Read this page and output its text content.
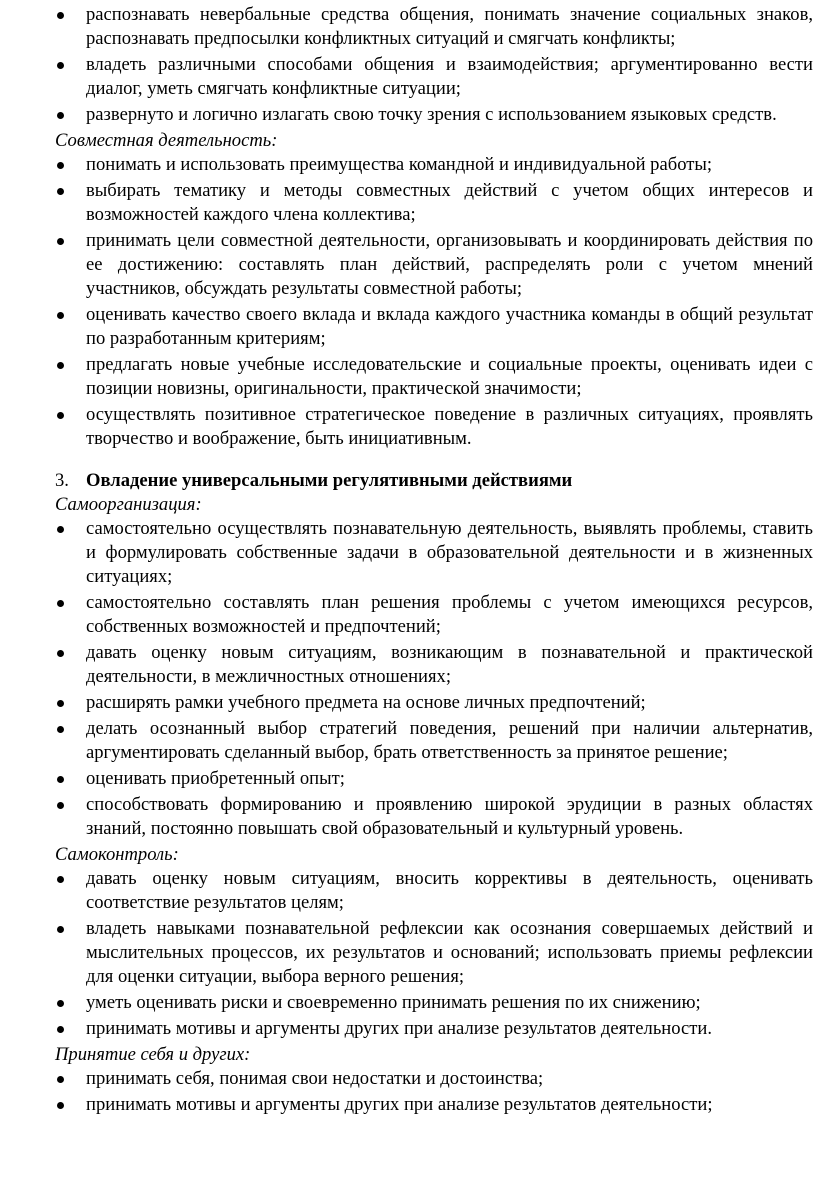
распознавать невербальные средства общения, понимать значение социальных знаков, распознавать предпосылки конфликтных ситуаций и смягчать конфликты;
владеть различными способами общения и взаимодействия; аргументированно вести диалог, уметь смягчать конфликтные ситуации;
развернуто и логично излагать свою точку зрения с использованием языковых средств.

Совместная деятельность:

понимать и использовать преимущества командной и индивидуальной работы;
выбирать тематику и методы совместных действий с учетом общих интересов и возможностей каждого члена коллектива;
принимать цели совместной деятельности, организовывать и координировать действия по ее достижению: составлять план действий, распределять роли с учетом мнений участников, обсуждать результаты совместной работы;
оценивать качество своего вклада и вклада каждого участника команды в общий результат по разработанным критериям;
предлагать новые учебные исследовательские и социальные проекты, оценивать идеи с позиции новизны, оригинальности, практической значимости;
осуществлять позитивное стратегическое поведение в различных ситуациях, проявлять творчество и воображение, быть инициативным.

3. Овладение универсальными регулятивными действиями

Самоорганизация:

самостоятельно осуществлять познавательную деятельность, выявлять проблемы, ставить и формулировать собственные задачи в образовательной деятельности и в жизненных ситуациях;
самостоятельно составлять план решения проблемы с учетом имеющихся ресурсов, собственных возможностей и предпочтений;
давать оценку новым ситуациям, возникающим в познавательной и практической деятельности, в межличностных отношениях;
расширять рамки учебного предмета на основе личных предпочтений;
делать осознанный выбор стратегий поведения, решений при наличии альтернатив, аргументировать сделанный выбор, брать ответственность за принятое решение;
оценивать приобретенный опыт;
способствовать формированию и проявлению широкой эрудиции в разных областях знаний, постоянно повышать свой образовательный и культурный уровень.

Самоконтроль:

давать оценку новым ситуациям, вносить коррективы в деятельность, оценивать соответствие результатов целям;
владеть навыками познавательной рефлексии как осознания совершаемых действий и мыслительных процессов, их результатов и оснований; использовать приемы рефлексии для оценки ситуации, выбора верного решения;
уметь оценивать риски и своевременно принимать решения по их снижению;
принимать мотивы и аргументы других при анализе результатов деятельности.

Принятие себя и других:

принимать себя, понимая свои недостатки и достоинства;
принимать мотивы и аргументы других при анализе результатов деятельности;
